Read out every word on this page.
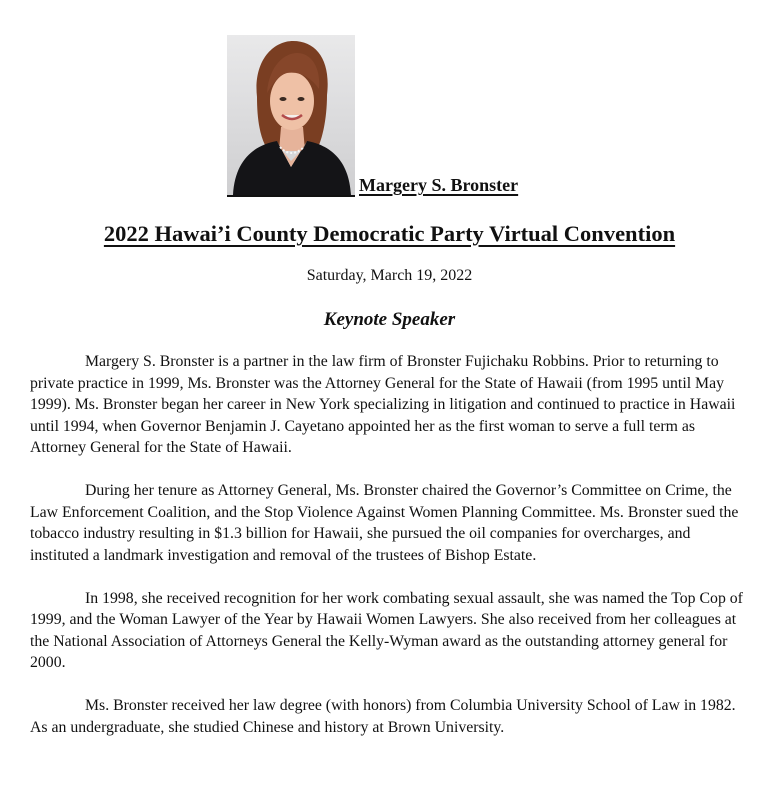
Margery S. Bronster
2022 Hawai’i County Democratic Party Virtual Convention
Saturday, March 19, 2022
Keynote Speaker

Margery S. Bronster is a partner in the law firm of Bronster Fujichaku Robbins. Prior to returning to private practice in 1999, Ms. Bronster was the Attorney General for the State of Hawaii (from 1995 until May 1999). Ms. Bronster began her career in New York specializing in litigation and continued to practice in Hawaii until 1994, when Governor Benjamin J. Cayetano appointed her as the first woman to serve a full term as Attorney General for the State of Hawaii.

During her tenure as Attorney General, Ms. Bronster chaired the Governor’s Committee on Crime, the Law Enforcement Coalition, and the Stop Violence Against Women Planning Committee. Ms. Bronster sued the tobacco industry resulting in $1.3 billion for Hawaii, she pursued the oil companies for overcharges, and instituted a landmark investigation and removal of the trustees of Bishop Estate.

In 1998, she received recognition for her work combating sexual assault, she was named the Top Cop of 1999, and the Woman Lawyer of the Year by Hawaii Women Lawyers. She also received from her colleagues at the National Association of Attorneys General the Kelly-Wyman award as the outstanding attorney general for 2000.

Ms. Bronster received her law degree (with honors) from Columbia University School of Law in 1982. As an undergraduate, she studied Chinese and history at Brown University.
